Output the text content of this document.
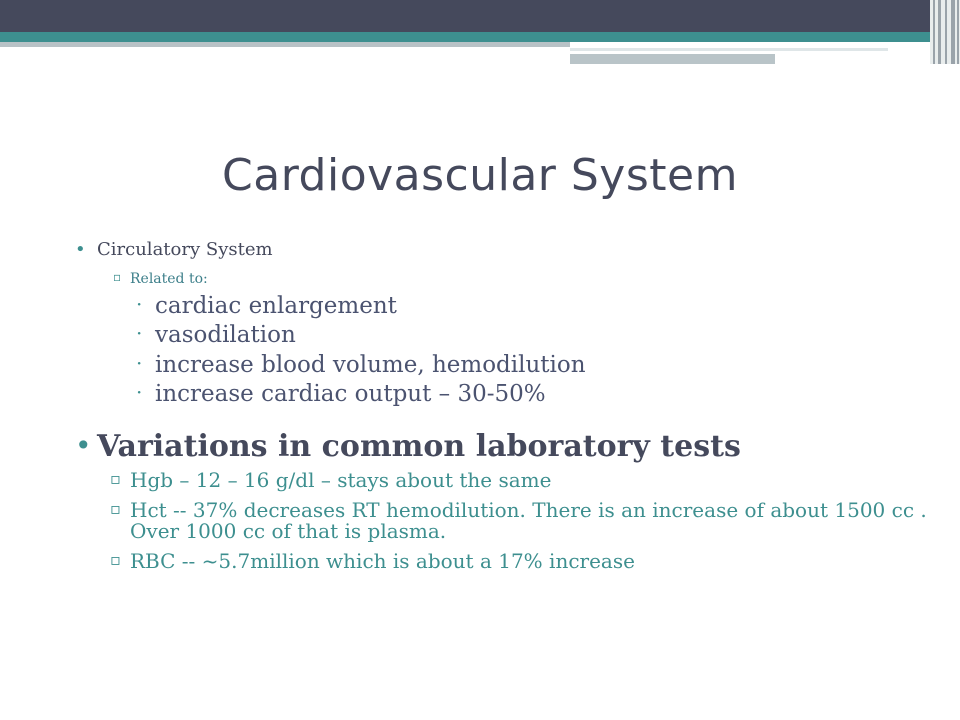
Cardiovascular System
• Circulatory System
▫ Related to:
· cardiac enlargement
· vasodilation
· increase blood volume, hemodilution
· increase cardiac output – 30-50%
• Variations in common laboratory tests
▫ Hgb – 12 – 16 g/dl – stays about the same
▫ Hct -- 37% decreases RT hemodilution. There is an increase of about 1500 cc . Over 1000 cc of that is plasma.
▫ RBC -- ~5.7million which is about a 17% increase
